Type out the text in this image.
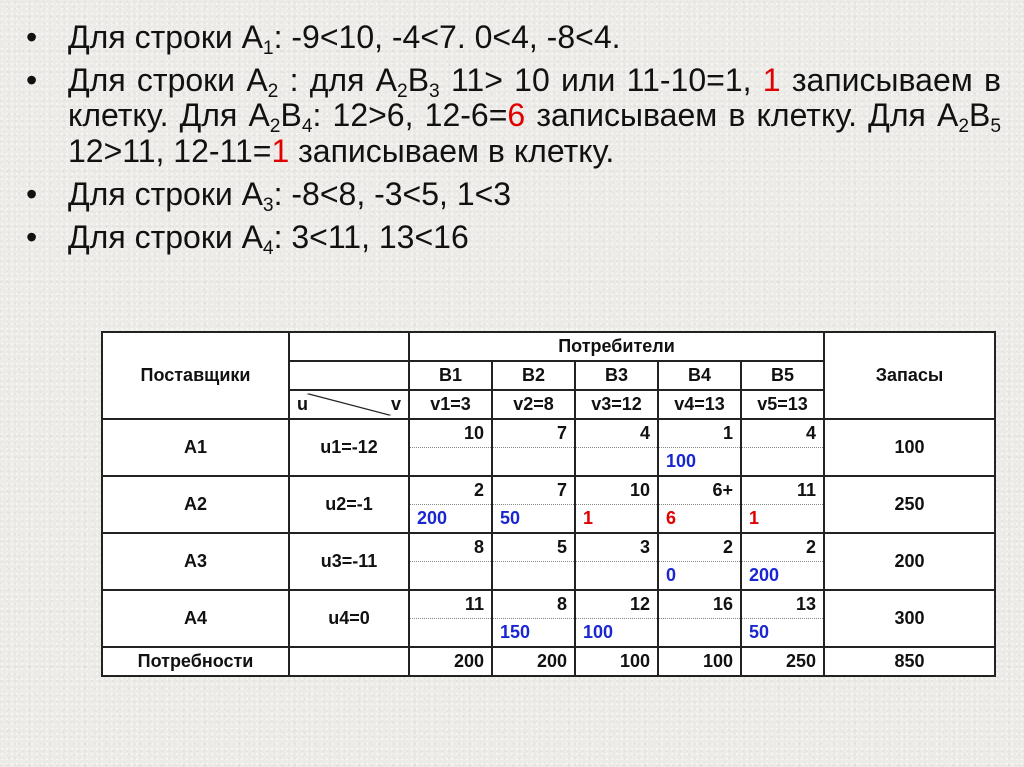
• Для строки $А_1$: -9<10, -4<7. 0<4, -8<4.
• Для строки $А_2$ : для $А_2В_3$ 11> 10 или 11-10=1, 1 записываем в клетку. Для $А_2В_4$: 12>6, 12-6=6 записываем в клетку. Для $А_2В_5$ 12>11, 12-11=1 записываем в клетку.
• Для строки $А_3$: -8<8, -3<5, 1<3
• Для строки $А_4$: 3<11, 13<16
Поставщики		Потребители					Запасы
		В1	В2	В3	В4	В5	

	u v	v1=3	v2=8	v3=12	v4=13	v5=13	
А1	u1=-12	10	7	4	1	4	100
					100		
А2	u2=-1	2	7	10	6+	11	250
		200	50	1	6	1	
А3	u3=-11	8	5	3	2	2	200
					0	200	
А4	u4=0	11	8	12	16	13	300
			150	100		50	
Потребности		200	200	100	100	250	850
